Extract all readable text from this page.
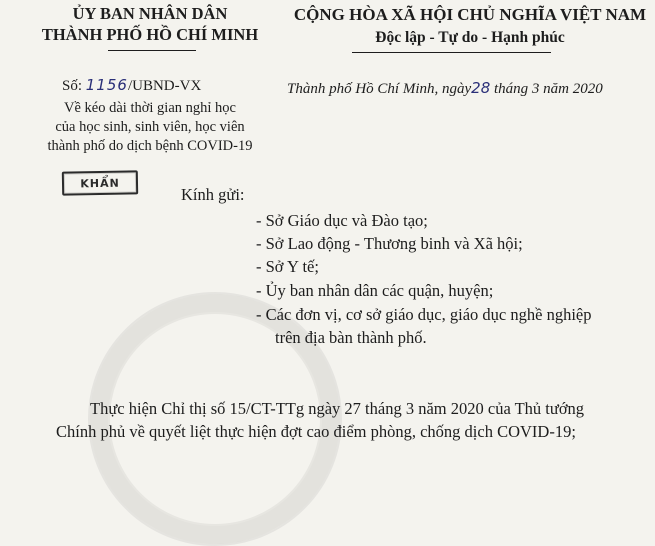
ỦY BAN NHÂN DÂN
THÀNH PHỐ HỒ CHÍ MINH
CỘNG HÒA XÃ HỘI CHỦ NGHĨA VIỆT NAM
Độc lập - Tự do - Hạnh phúc
Số: 1156/UBND-VX	Thành phố Hồ Chí Minh, ngày28 tháng 3 năm 2020
Về kéo dài thời gian nghỉ học
của học sinh, sinh viên, học viên
thành phố do dịch bệnh COVID-19
KHẨN
Kính gửi:
- Sở Giáo dục và Đào tạo;
- Sở Lao động - Thương binh và Xã hội;
- Sở Y tế;
- Ủy ban nhân dân các quận, huyện;
- Các đơn vị, cơ sở giáo dục, giáo dục nghề nghiệp
trên địa bàn thành phố.
Thực hiện Chỉ thị số 15/CT-TTg ngày 27 tháng 3 năm 2020 của Thủ tướng
Chính phủ về quyết liệt thực hiện đợt cao điểm phòng, chống dịch COVID-19;
